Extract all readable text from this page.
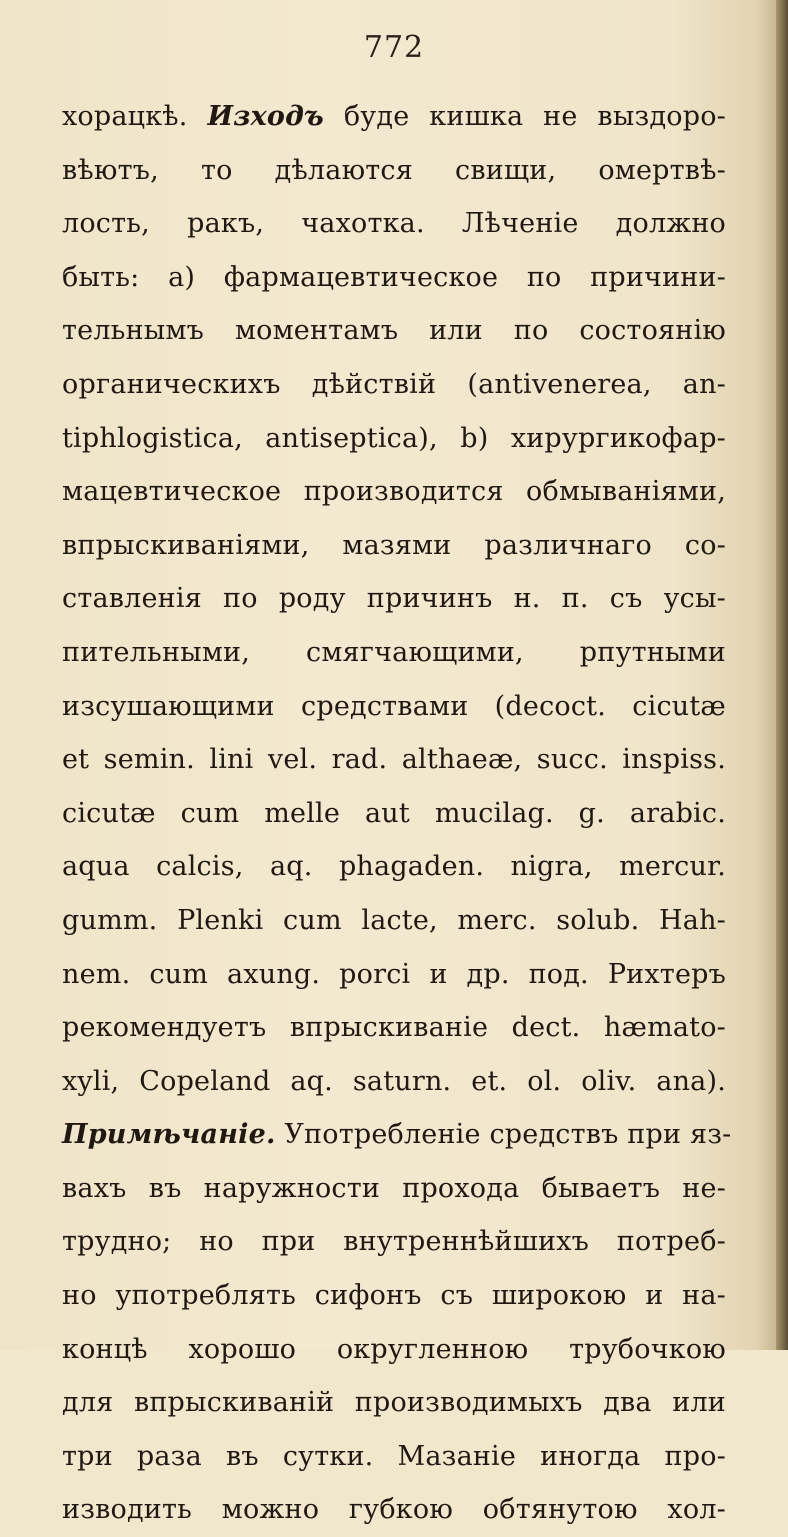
772
хорацкѣ. Изходъ буде кишка не выздоро-
вѣютъ, то дѣлаются свищи, омертвѣ-
лость, ракъ, чахотка. Лѣченіе должно
быть: a) фармацевтическое по причини-
тельнымъ моментамъ или по состоянію
органическихъ дѣйствій (antivenerea, an-
tiphlogistica, antiseptica), b) хирургикофар-
мацевтическое производится обмываніями,
впрыскиваніями, мазями различнаго со-
ставленія по роду причинъ н. п. съ усы-
пительными, смягчающими, рпутными
изсушающими средствами (decoct. cicutæ
et semin. lini vel. rad. althaeæ, succ. inspiss.
cicutæ cum melle aut mucilag. g. arabic.
aqua calcis, aq. phagaden. nigra, mercur.
gumm. Plenki cum lacte, merc. solub. Hah-
nem. cum axung. porci и др. под. Рихтеръ
рекомендуетъ впрыскиваніе dect. hæmato-
xyli, Copeland aq. saturn. et. ol. oliv. ana).
Примѣчаніе. Употребленіе средствъ при яз-
вахъ въ наружности прохода бываетъ не-
трудно; но при внутреннѣйшихъ потреб-
но употреблять сифонъ съ широкою и на-
концѣ хорошо округленною трубочкою
для впрыскиваній производимыхъ два или
три раза въ сутки. Мазаніе иногда про-
изводить можно губкою обтянутою хол-
